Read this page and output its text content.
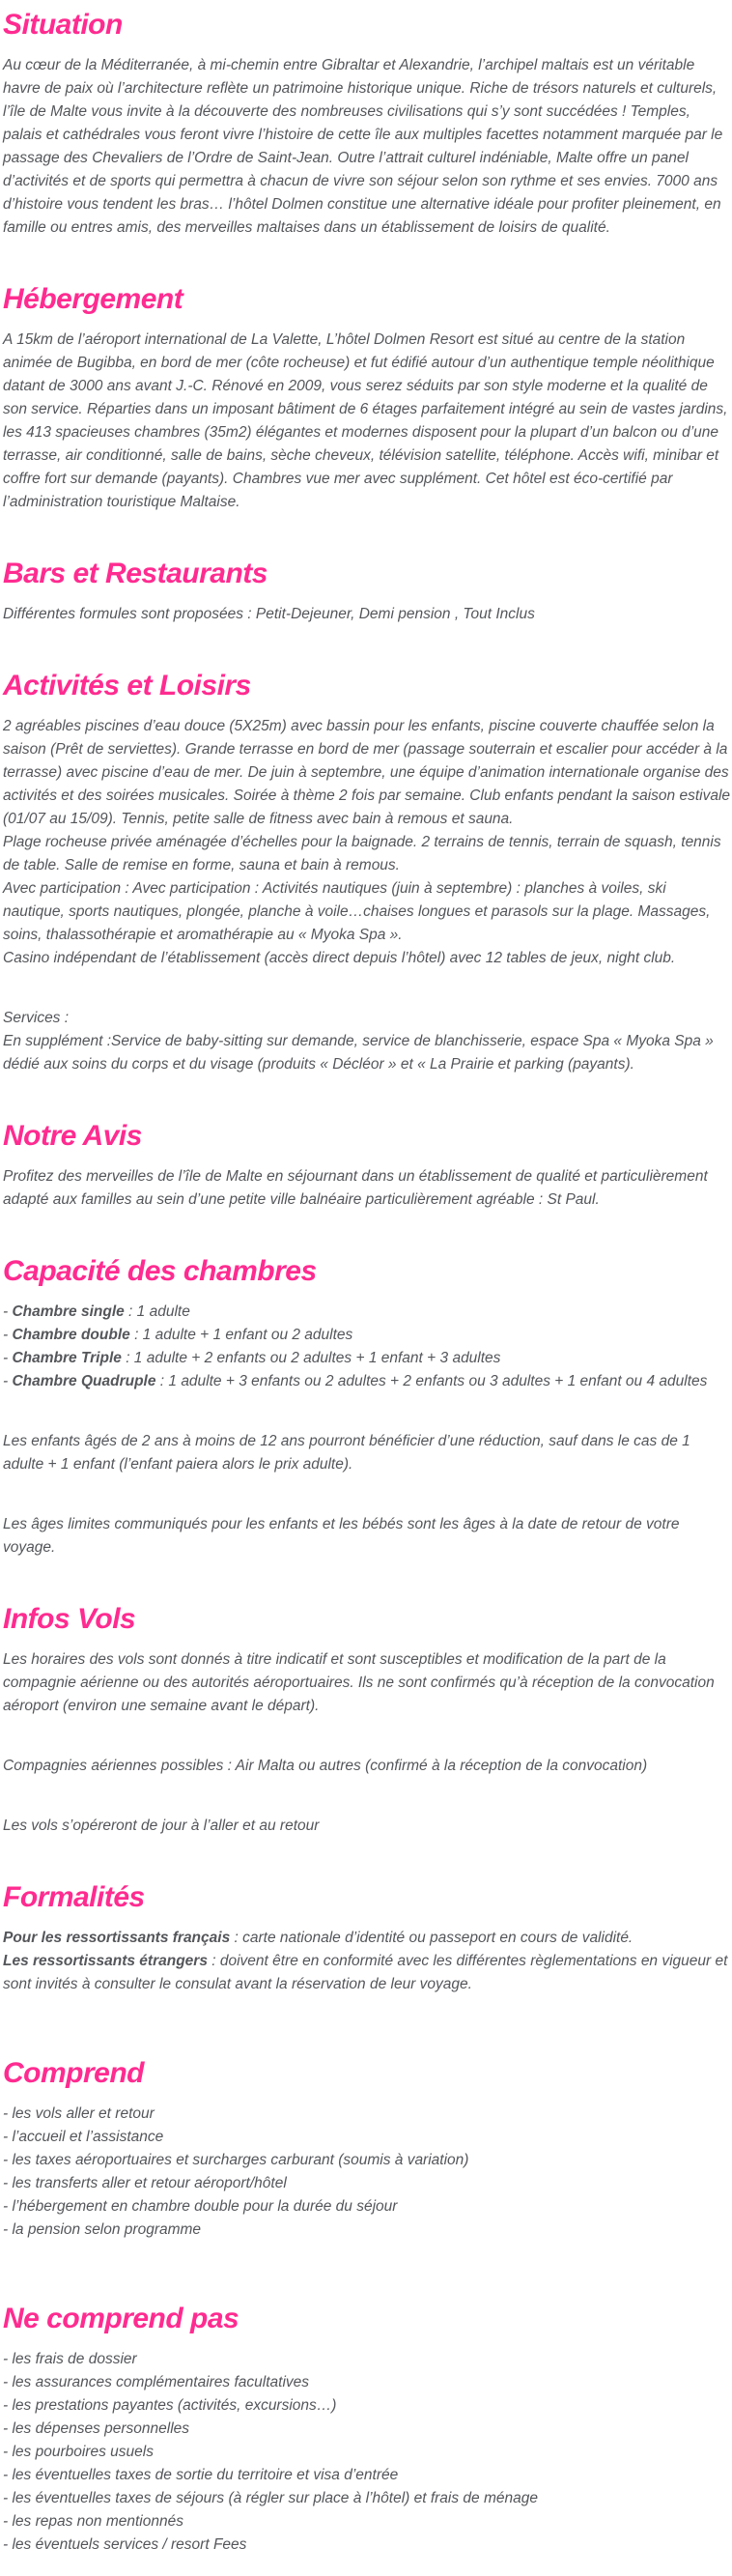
Situation

Au cœur de la Méditerranée, à mi-chemin entre Gibraltar et Alexandrie, l’archipel maltais est un véritable havre de paix où l’architecture reflète un patrimoine historique unique. Riche de trésors naturels et culturels, l’île de Malte vous invite à la découverte des nombreuses civilisations qui s’y sont succédées ! Temples, palais et cathédrales vous feront vivre l’histoire de cette île aux multiples facettes notamment marquée par le passage des Chevaliers de l’Ordre de Saint-Jean. Outre l’attrait culturel indéniable, Malte offre un panel d’activités et de sports qui permettra à chacun de vivre son séjour selon son rythme et ses envies. 7000 ans d’histoire vous tendent les bras… l’hôtel Dolmen constitue une alternative idéale pour profiter pleinement, en famille ou entres amis, des merveilles maltaises dans un établissement de loisirs de qualité.

Hébergement

A 15km de l’aéroport international de La Valette, L’hôtel Dolmen Resort est situé au centre de la station animée de Bugibba, en bord de mer (côte rocheuse) et fut édifié autour d’un authentique temple néolithique datant de 3000 ans avant J.-C. Rénové en 2009, vous serez séduits par son style moderne et la qualité de son service. Réparties dans un imposant bâtiment de 6 étages parfaitement intégré au sein de vastes jardins, les 413 spacieuses chambres (35m2) élégantes et modernes disposent pour la plupart d’un balcon ou d’une terrasse, air conditionné, salle de bains, sèche cheveux, télévision satellite, téléphone. Accès wifi, minibar et coffre fort sur demande (payants). Chambres vue mer avec supplément. Cet hôtel est éco-certifié par l’administration touristique Maltaise.

Bars et Restaurants

Différentes formules sont proposées : Petit-Dejeuner, Demi pension , Tout Inclus

Activités et Loisirs

2 agréables piscines d’eau douce (5X25m) avec bassin pour les enfants, piscine couverte chauffée selon la saison (Prêt de serviettes). Grande terrasse en bord de mer (passage souterrain et escalier pour accéder à la terrasse) avec piscine d’eau de mer. De juin à septembre, une équipe d’animation internationale organise des activités et des soirées musicales. Soirée à thème 2 fois par semaine. Club enfants pendant la saison estivale (01/07 au 15/09). Tennis, petite salle de fitness avec bain à remous et sauna.

Plage rocheuse privée aménagée d’échelles pour la baignade. 2 terrains de tennis, terrain de squash, tennis de table. Salle de remise en forme, sauna et bain à remous.

Avec participation : Avec participation : Activités nautiques (juin à septembre) : planches à voiles, ski nautique, sports nautiques, plongée, planche à voile…chaises longues et parasols sur la plage. Massages, soins, thalassothérapie et aromathérapie au « Myoka Spa ».

Casino indépendant de l’établissement (accès direct depuis l’hôtel) avec 12 tables de jeux, night club.

Services :

En supplément :Service de baby-sitting sur demande, service de blanchisserie, espace Spa « Myoka Spa » dédié aux soins du corps et du visage (produits « Décléor » et « La Prairie et parking (payants).

Notre Avis

Profitez des merveilles de l’île de Malte en séjournant dans un établissement de qualité et particulièrement adapté aux familles au sein d’une petite ville balnéaire particulièrement agréable : St Paul.

Capacité des chambres

- Chambre single : 1 adulte

- Chambre double : 1 adulte + 1 enfant ou 2 adultes

- Chambre Triple : 1 adulte + 2 enfants ou 2 adultes + 1 enfant + 3 adultes

- Chambre Quadruple : 1 adulte + 3 enfants ou 2 adultes + 2 enfants ou 3 adultes + 1 enfant ou 4 adultes

Les enfants âgés de 2 ans à moins de 12 ans pourront bénéficier d’une réduction, sauf dans le cas de 1 adulte + 1 enfant (l’enfant paiera alors le prix adulte).

Les âges limites communiqués pour les enfants et les bébés sont les âges à la date de retour de votre voyage.

Infos Vols

Les horaires des vols sont donnés à titre indicatif et sont susceptibles et modification de la part de la compagnie aérienne ou des autorités aéroportuaires. Ils ne sont confirmés qu’à réception de la convocation aéroport (environ une semaine avant le départ).

Compagnies aériennes possibles : Air Malta ou autres (confirmé à la réception de la convocation)

Les vols s’opéreront de jour à l’aller et au retour

Formalités

Pour les ressortissants français : carte nationale d’identité ou passeport en cours de validité.

Les ressortissants étrangers : doivent être en conformité avec les différentes règlementations en vigueur et sont invités à consulter le consulat avant la réservation de leur voyage.

Comprend

- les vols aller et retour

- l’accueil et l’assistance

- les taxes aéroportuaires et surcharges carburant (soumis à variation)

- les transferts aller et retour aéroport/hôtel

- l’hébergement en chambre double pour la durée du séjour

- la pension selon programme

Ne comprend pas

- les frais de dossier

- les assurances complémentaires facultatives

- les prestations payantes (activités, excursions…)

- les dépenses personnelles

- les pourboires usuels

- les éventuelles taxes de sortie du territoire et visa d’entrée

- les éventuelles taxes de séjours (à régler sur place à l’hôtel) et frais de ménage

- les repas non mentionnés

- les éventuels services / resort Fees
